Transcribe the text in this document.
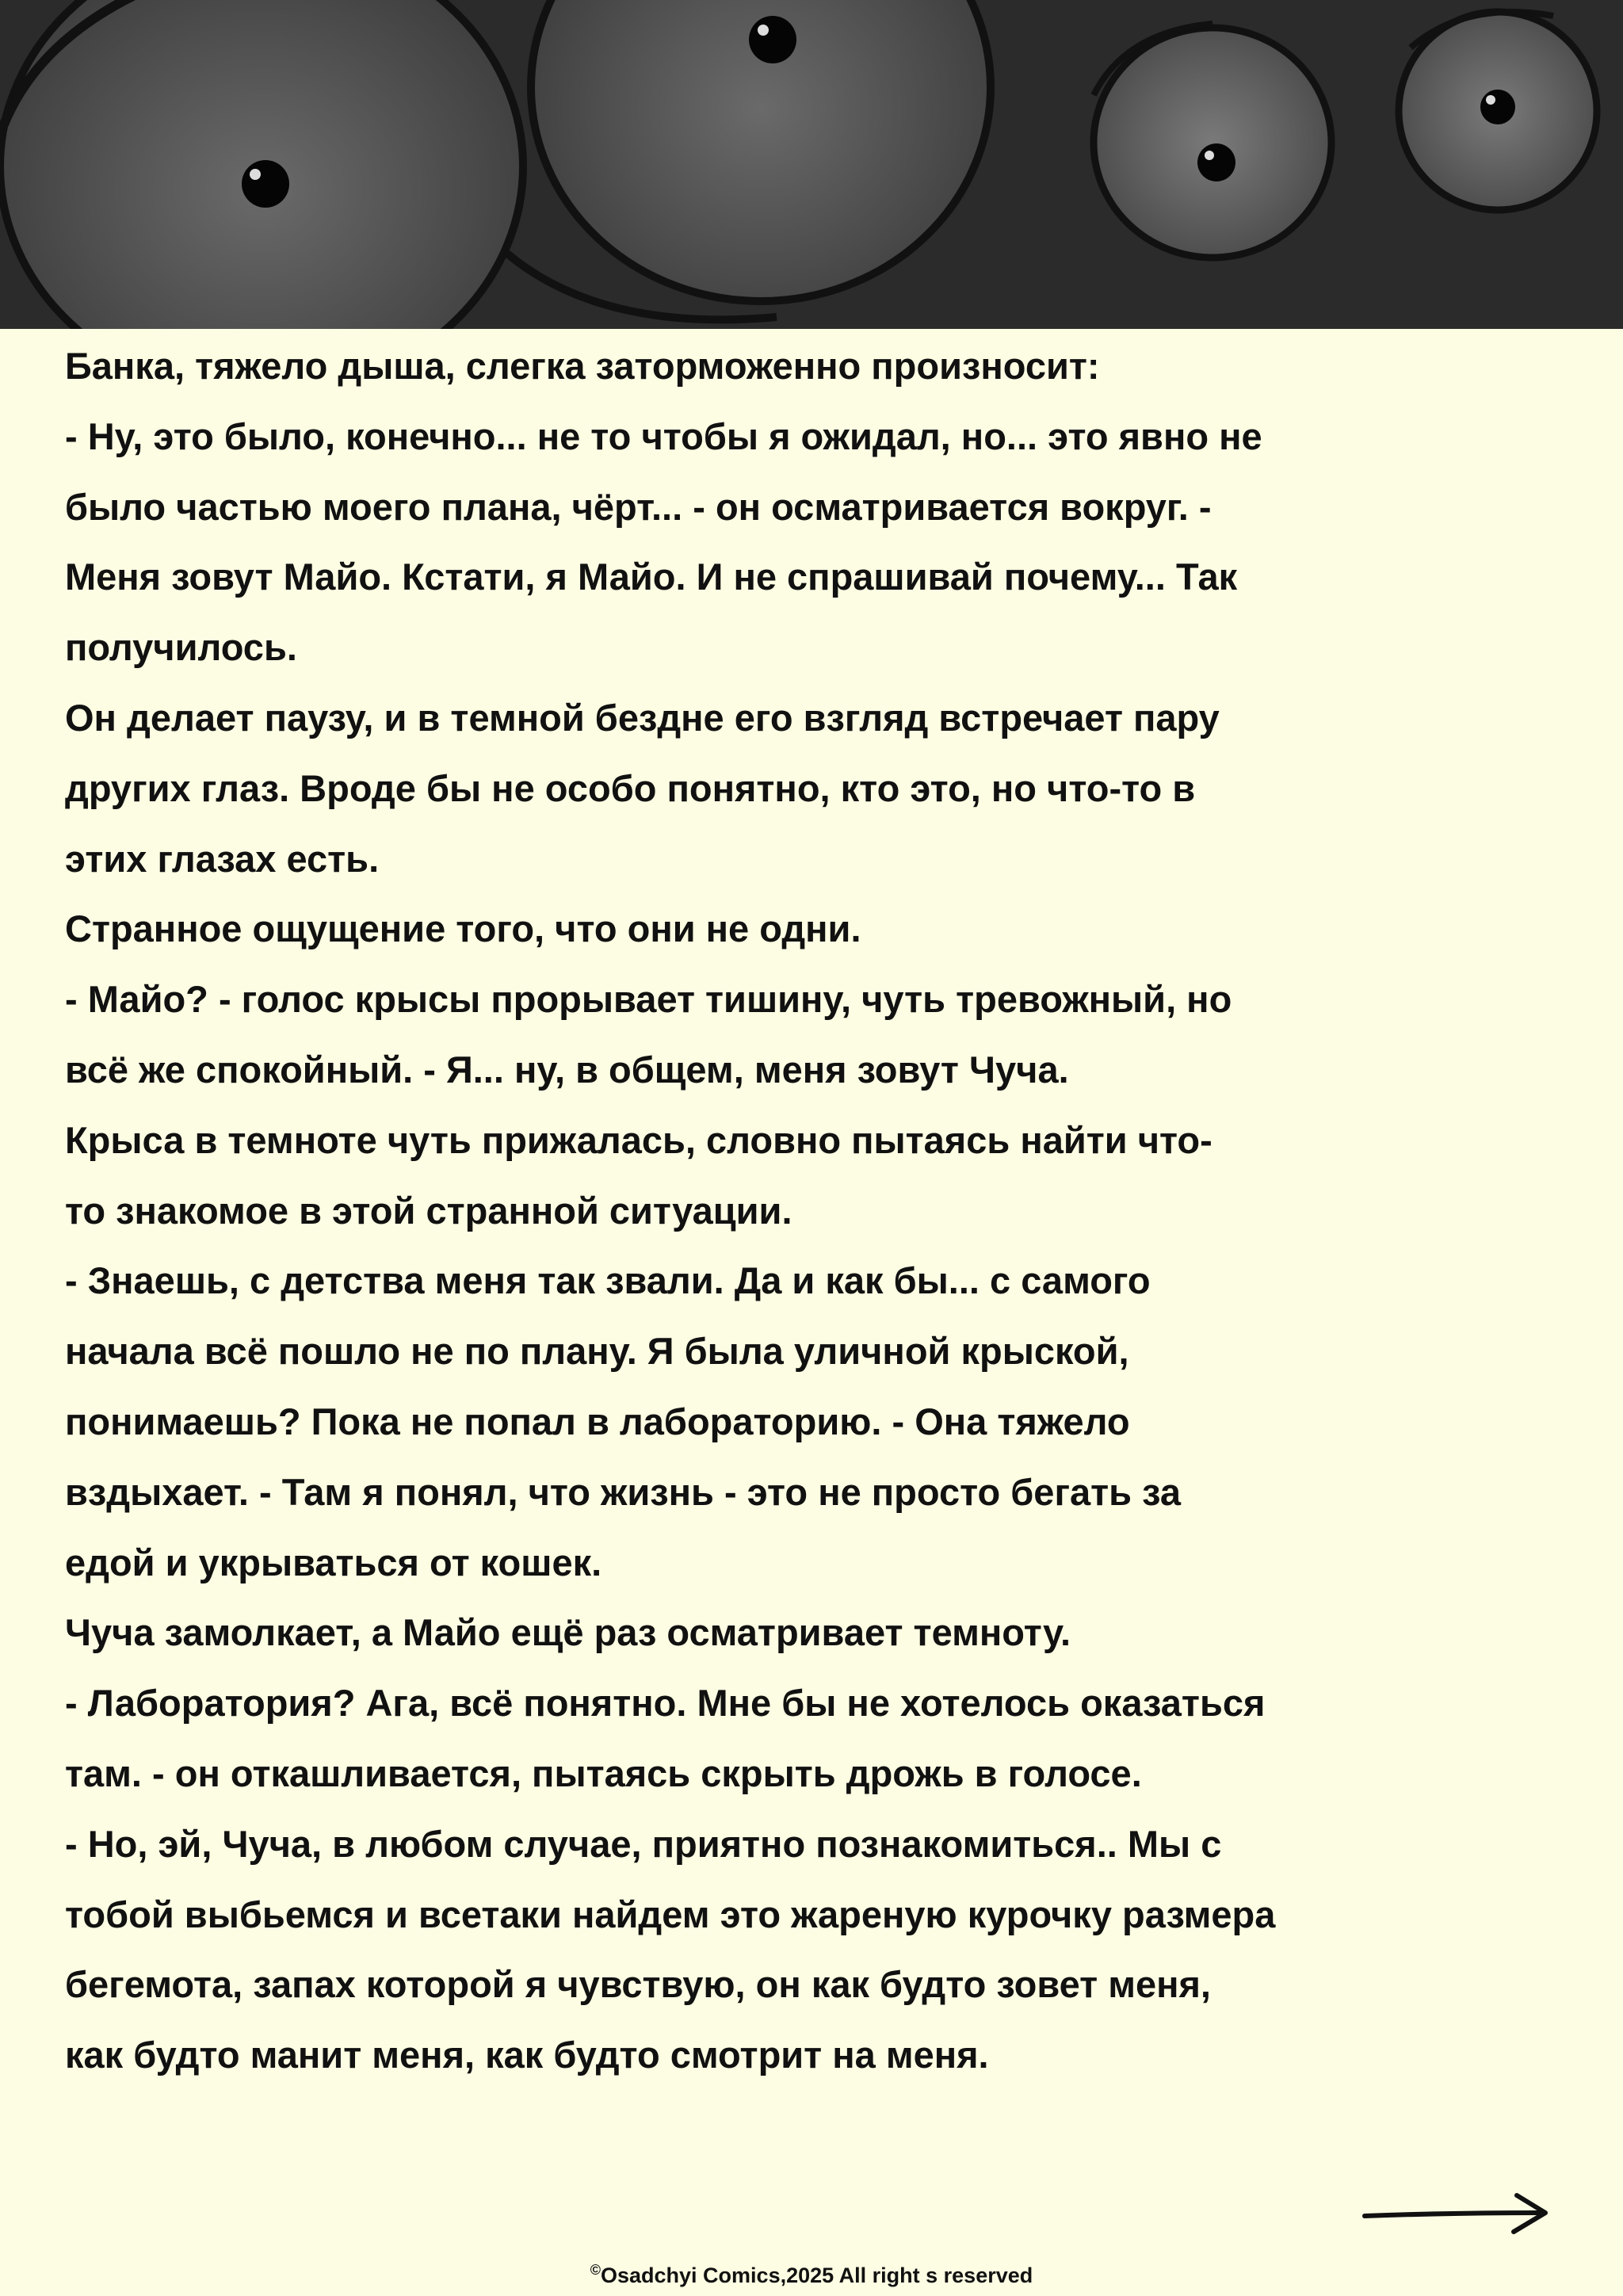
Банка, тяжело дыша, слегка заторможенно произносит:
- Ну, это было, конечно... не то чтобы я ожидал, но... это явно не
было частью моего плана, чёрт... - он осматривается вокруг. -
Меня зовут Майо. Кстати, я Майо. И не спрашивай почему... Так
получилось.
Он делает паузу, и в темной бездне его взгляд встречает пару
других глаз. Вроде бы не особо понятно, кто это, но что-то в
этих глазах есть.
Странное ощущение того, что они не одни.
- Майо? - голос крысы прорывает тишину, чуть тревожный, но
всё же спокойный. - Я... ну, в общем, меня зовут Чуча.
Крыса в темноте чуть прижалась, словно пытаясь найти что-
то знакомое в этой странной ситуации.
- Знаешь, с детства меня так звали. Да и как бы... с самого
начала всё пошло не по плану. Я была уличной крыской,
понимаешь? Пока не попал в лабораторию. - Она тяжело
вздыхает. - Там я понял, что жизнь - это не просто бегать за
едой и укрываться от кошек.
Чуча замолкает, а Майо ещё раз осматривает темноту.
- Лаборатория? Ага, всё понятно. Мне бы не хотелось оказаться
там. - он откашливается, пытаясь скрыть дрожь в голосе.
- Но, эй, Чуча, в любом случае, приятно познакомиться.. Мы с
тобой выбьемся и всетаки найдем это жареную курочку размера
бегемота, запах которой я чувствую, он как будто зовет меня,
как будто манит меня, как будто смотрит на меня.
©Osadchyi Comics,2025 All right s reserved
